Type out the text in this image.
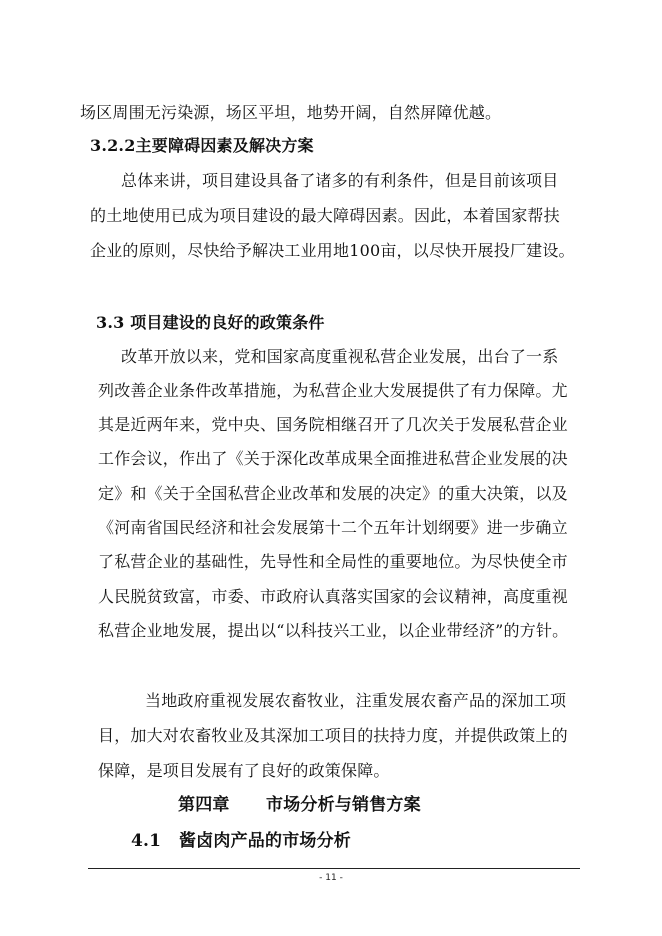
场区周围无污染源，场区平坦，地势开阔，自然屏障优越。
3.2.2主要障碍因素及解决方案
总体来讲，项目建设具备了诸多的有利条件，但是目前该项目
的土地使用已成为项目建设的最大障碍因素。因此，本着国家帮扶
企业的原则，尽快给予解决工业用地100亩，以尽快开展投厂建设。
3.3 项目建设的良好的政策条件
改革开放以来，党和国家高度重视私营企业发展，出台了一系
列改善企业条件改革措施，为私营企业大发展提供了有力保障。尤
其是近两年来，党中央、国务院相继召开了几次关于发展私营企业
工作会议，作出了《关于深化改革成果全面推进私营企业发展的决
定》和《关于全国私营企业改革和发展的决定》的重大决策，以及
《河南省国民经济和社会发展第十二个五年计划纲要》进一步确立
了私营企业的基础性，先导性和全局性的重要地位。为尽快使全市
人民脱贫致富，市委、市政府认真落实国家的会议精神，高度重视
私营企业地发展，提出以“以科技兴工业，以企业带经济”的方针。
当地政府重视发展农畜牧业，注重发展农畜产品的深加工项
目，加大对农畜牧业及其深加工项目的扶持力度，并提供政策上的
保障，是项目发展有了良好的政策保障。
第四章 市场分析与销售方案
4.1 酱卤肉产品的市场分析
- 11 -
